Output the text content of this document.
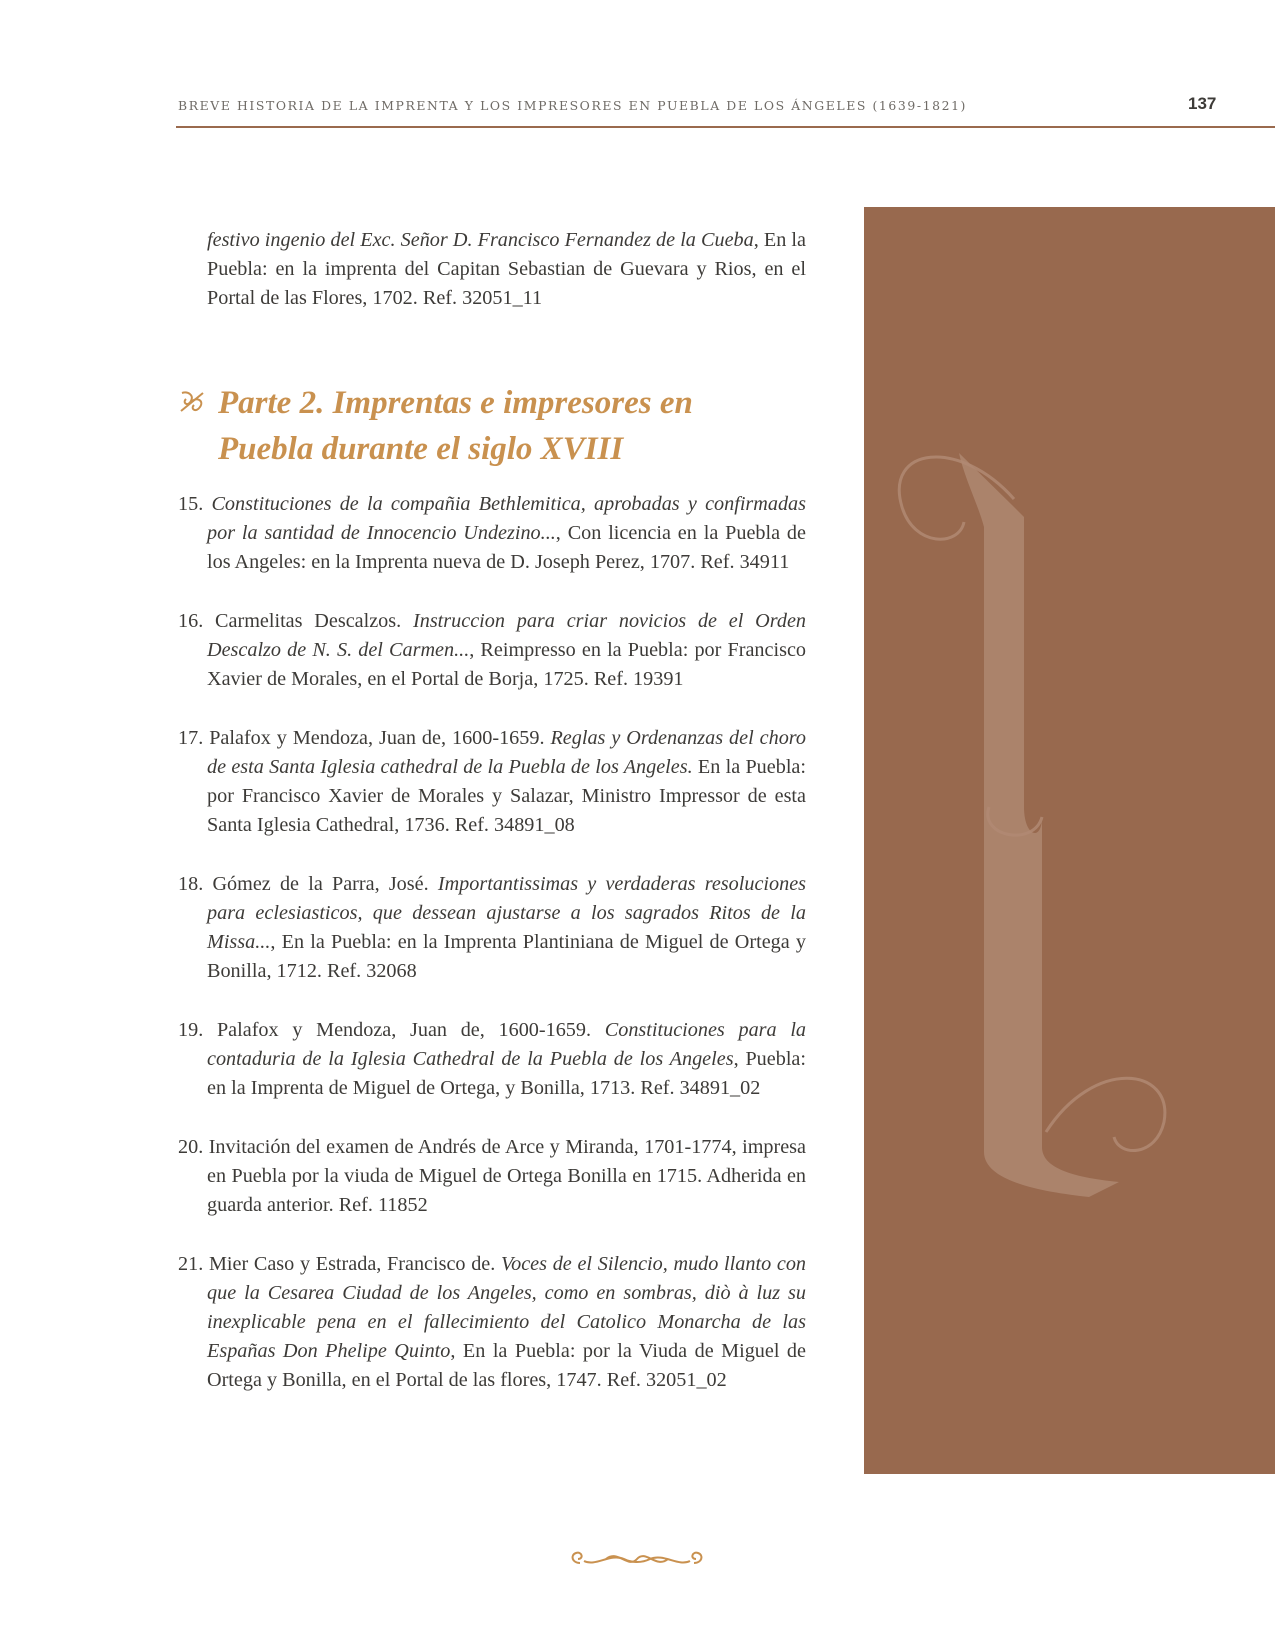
BREVE HISTORIA DE LA IMPRENTA Y LOS IMPRESORES EN PUEBLA DE LOS ÁNGELES (1639-1821)	137
festivo ingenio del Exc. Señor D. Francisco Fernandez de la Cueba, En la Puebla: en la imprenta del Capitan Sebastian de Guevara y Rios, en el Portal de las Flores, 1702. Ref. 32051_11
Parte 2. Imprentas e impresores en
Puebla durante el siglo XVIII

15. Constituciones de la compañia Bethlemitica, aprobadas y confirmadas por la santidad de Innocencio Undezino..., Con licencia en la Puebla de los Angeles: en la Imprenta nueva de D. Joseph Perez, 1707. Ref. 34911

16. Carmelitas Descalzos. Instruccion para criar novicios de el Orden Descalzo de N. S. del Carmen..., Reimpresso en la Puebla: por Francisco Xavier de Morales, en el Portal de Borja, 1725. Ref. 19391

17. Palafox y Mendoza, Juan de, 1600-1659. Reglas y Ordenanzas del choro de esta Santa Iglesia cathedral de la Puebla de los Angeles. En la Puebla: por Francisco Xavier de Morales y Salazar, Ministro Impressor de esta Santa Iglesia Cathedral, 1736. Ref. 34891_08

18. Gómez de la Parra, José. Importantissimas y verdaderas resoluciones para eclesiasticos, que dessean ajustarse a los sagrados Ritos de la Missa..., En la Puebla: en la Imprenta Plantiniana de Miguel de Ortega y Bonilla, 1712. Ref. 32068

19. Palafox y Mendoza, Juan de, 1600-1659. Constituciones para la contaduria de la Iglesia Cathedral de la Puebla de los Angeles, Puebla: en la Imprenta de Miguel de Ortega, y Bonilla, 1713. Ref. 34891_02

20. Invitación del examen de Andrés de Arce y Miranda, 1701-1774, impresa en Puebla por la viuda de Miguel de Ortega Bonilla en 1715. Adherida en guarda anterior. Ref. 11852

21. Mier Caso y Estrada, Francisco de. Voces de el Silencio, mudo llanto con que la Cesarea Ciudad de los Angeles, como en sombras, diò à luz su inexplicable pena en el fallecimiento del Catolico Monarcha de las Españas Don Phelipe Quinto, En la Puebla: por la Viuda de Miguel de Ortega y Bonilla, en el Portal de las flores, 1747. Ref. 32051_02
